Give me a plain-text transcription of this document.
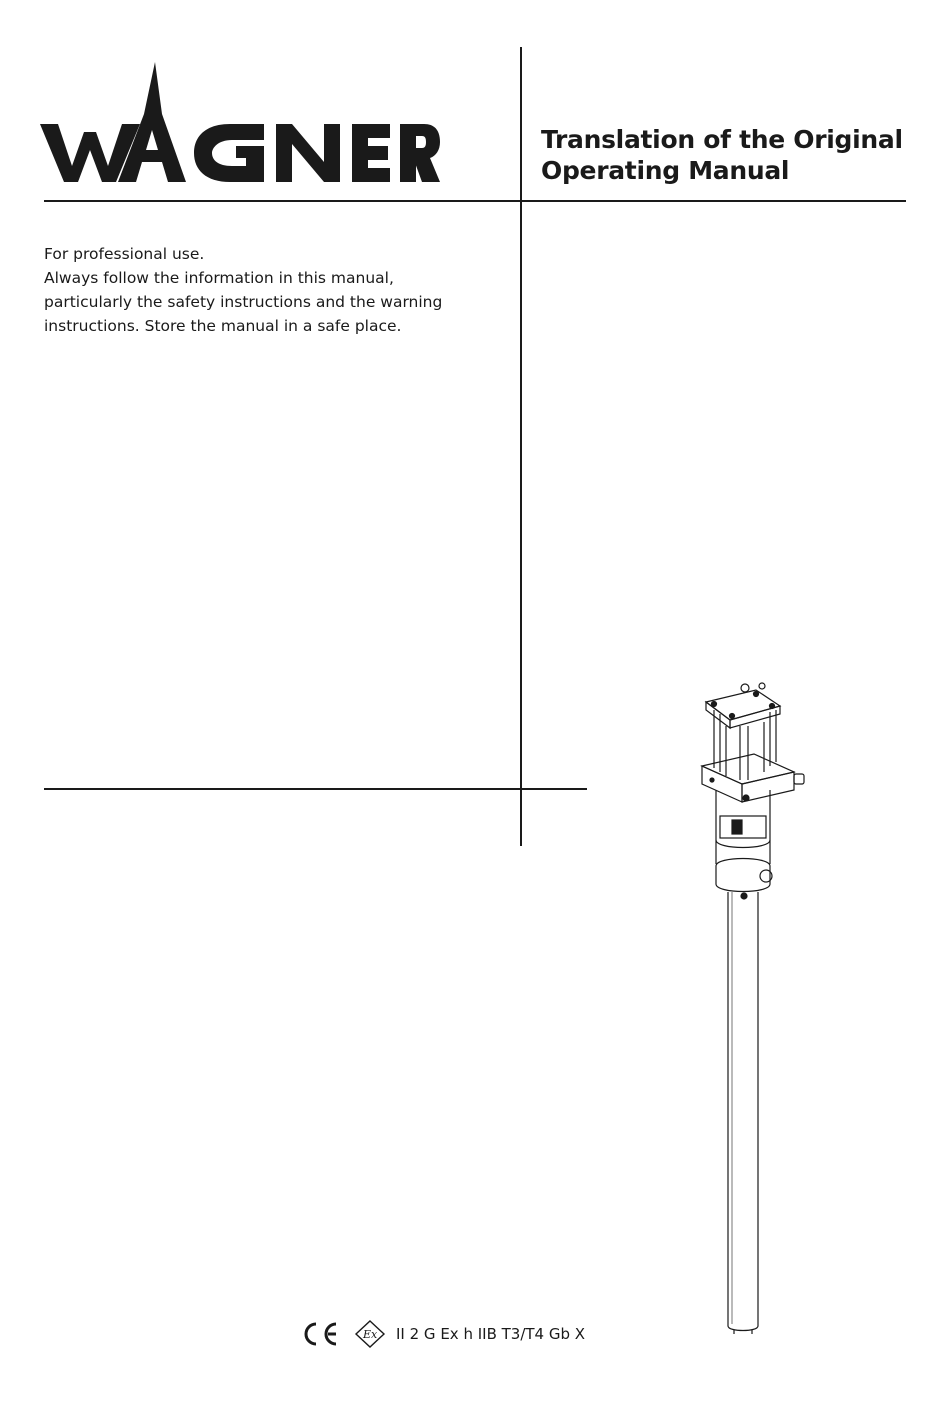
Translation of the Original
Operating Manual
For professional use.
Always follow the information in this manual,
particularly the safety instructions and the warning
instructions. Store the manual in a safe place.
Ex II 2 G Ex h IIB T3/T4 Gb X
